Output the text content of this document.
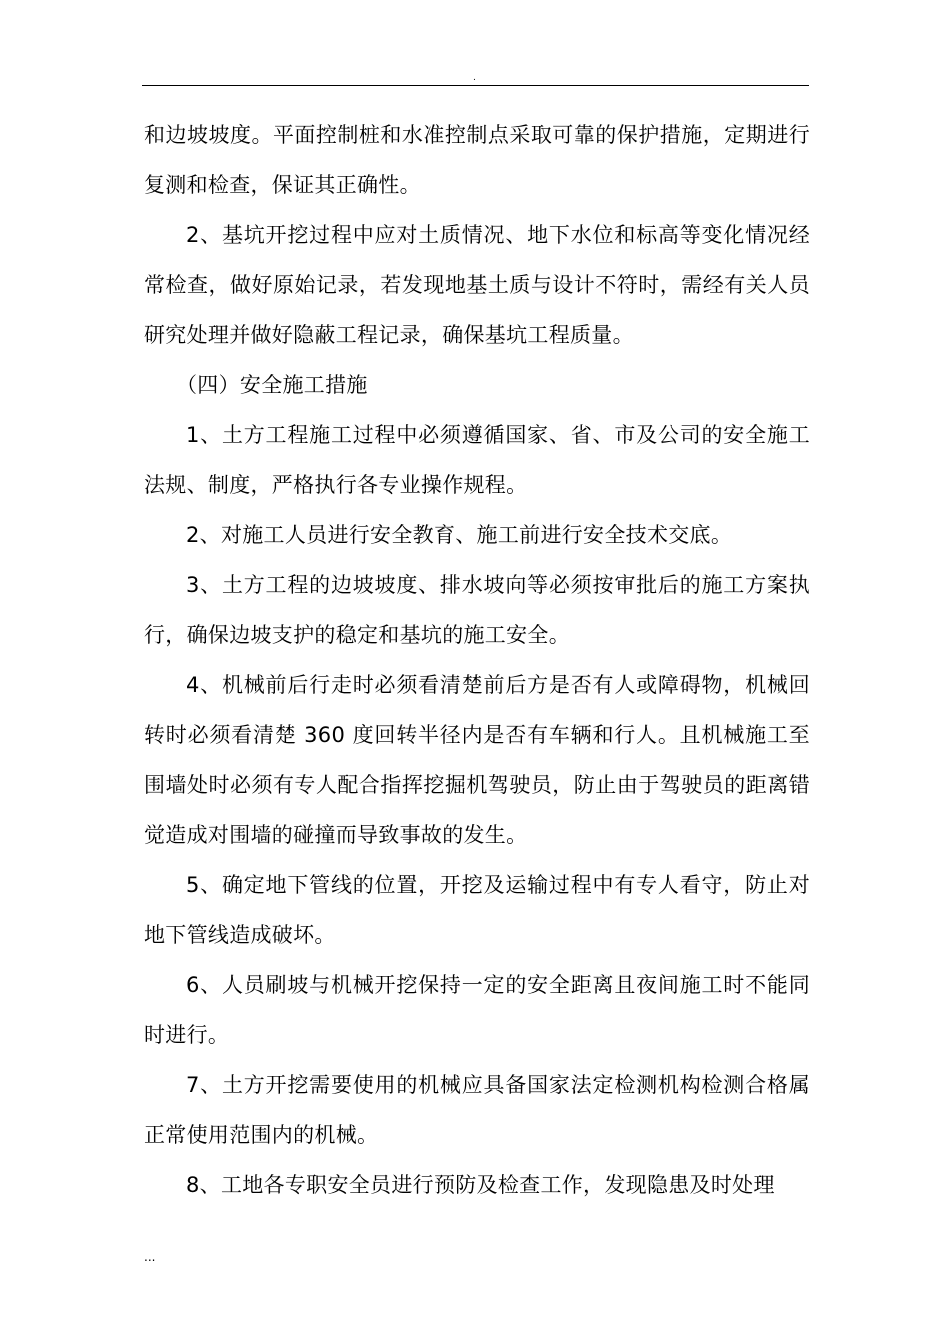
.

和边坡坡度。平面控制桩和水准控制点采取可靠的保护措施，定期进行复测和检查，保证其正确性。

2、基坑开挖过程中应对土质情况、地下水位和标高等变化情况经常检查，做好原始记录，若发现地基土质与设计不符时，需经有关人员研究处理并做好隐蔽工程记录，确保基坑工程质量。

（四）安全施工措施

1、土方工程施工过程中必须遵循国家、省、市及公司的安全施工法规、制度，严格执行各专业操作规程。

2、对施工人员进行安全教育、施工前进行安全技术交底。

3、土方工程的边坡坡度、排水坡向等必须按审批后的施工方案执行，确保边坡支护的稳定和基坑的施工安全。

4、机械前后行走时必须看清楚前后方是否有人或障碍物，机械回转时必须看清楚 360 度回转半径内是否有车辆和行人。且机械施工至围墙处时必须有专人配合指挥挖掘机驾驶员，防止由于驾驶员的距离错觉造成对围墙的碰撞而导致事故的发生。

5、确定地下管线的位置，开挖及运输过程中有专人看守，防止对地下管线造成破坏。

6、人员刷坡与机械开挖保持一定的安全距离且夜间施工时不能同时进行。

7、土方开挖需要使用的机械应具备国家法定检测机构检测合格属正常使用范围内的机械。

8、工地各专职安全员进行预防及检查工作，发现隐患及时处理

...
